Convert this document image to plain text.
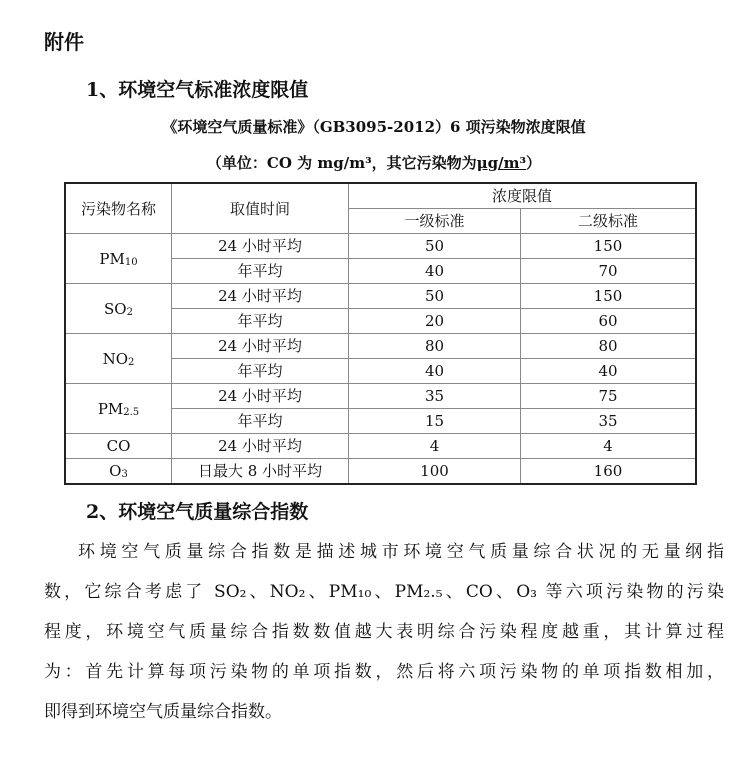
附件
1、环境空气标准浓度限值
《环境空气质量标准》（GB3095-2012）6 项污染物浓度限值
（单位：CO 为 mg/m³，其它污染物为μg/m³）
污染物名称	取值时间	浓度限值	
		一级标准	二级标准
$PM_{10}$	24 小时平均	50	150
	年平均	40	70
$SO_2$	24 小时平均	50	150
	年平均	20	60
$NO_2$	24 小时平均	80	80
	年平均	40	40
$PM_{2.5}$	24 小时平均	35	75
	年平均	15	35
CO	24 小时平均	4	4
$O_3$	日最大 8 小时平均	100	160
2、环境空气质量综合指数
环境空气质量综合指数是描述城市环境空气质量综合状况的无量纲指
数，它综合考虑了 SO₂、NO₂、PM₁₀、PM₂.₅、CO、O₃ 等六项污染物的污染
程度，环境空气质量综合指数数值越大表明综合污染程度越重，其计算过程
为：首先计算每项污染物的单项指数，然后将六项污染物的单项指数相加，
即得到环境空气质量综合指数。
